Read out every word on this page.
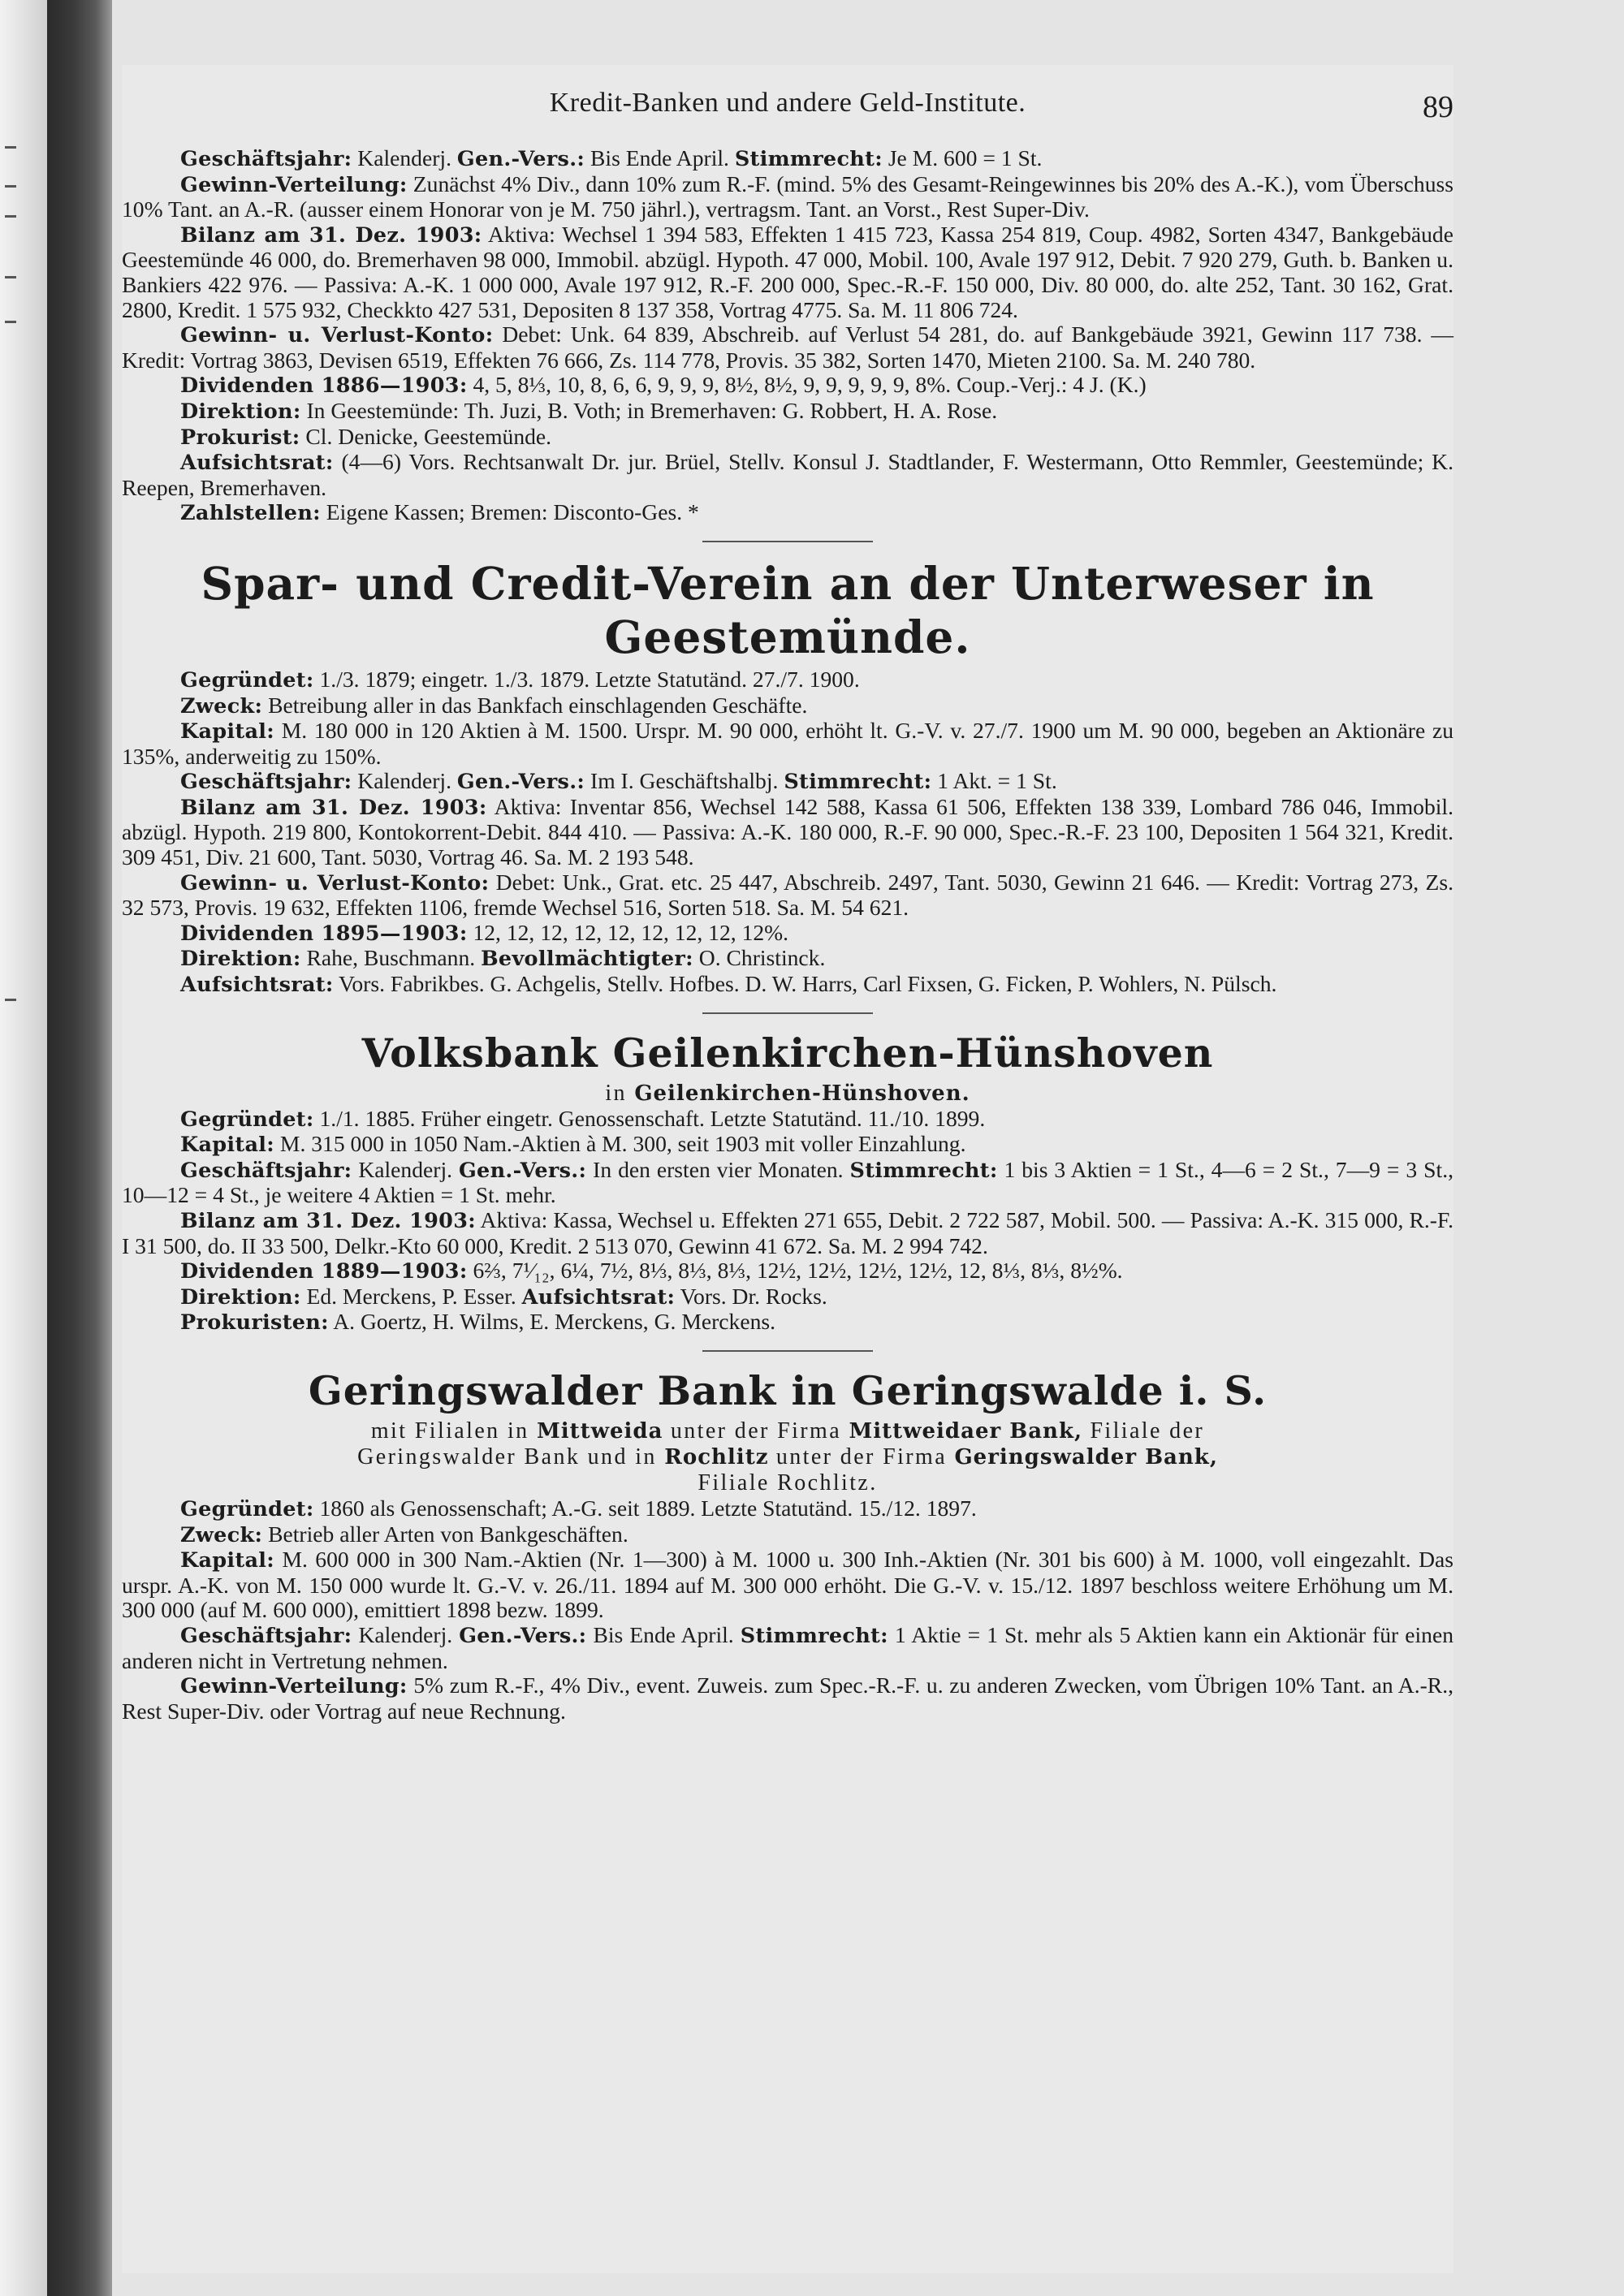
Kredit-Banken und andere Geld-Institute.	89

Geschäftsjahr: Kalenderj. Gen.-Vers.: Bis Ende April. Stimmrecht: Je M. 600 = 1 St.

Gewinn-Verteilung: Zunächst 4% Div., dann 10% zum R.-F. (mind. 5% des Gesamt-Reingewinnes bis 20% des A.-K.), vom Überschuss 10% Tant. an A.-R. (ausser einem Honorar von je M. 750 jährl.), vertragsm. Tant. an Vorst., Rest Super-Div.

Bilanz am 31. Dez. 1903: Aktiva: Wechsel 1 394 583, Effekten 1 415 723, Kassa 254 819, Coup. 4982, Sorten 4347, Bankgebäude Geestemünde 46 000, do. Bremerhaven 98 000, Immobil. abzügl. Hypoth. 47 000, Mobil. 100, Avale 197 912, Debit. 7 920 279, Guth. b. Banken u. Bankiers 422 976. — Passiva: A.-K. 1 000 000, Avale 197 912, R.-F. 200 000, Spec.-R.-F. 150 000, Div. 80 000, do. alte 252, Tant. 30 162, Grat. 2800, Kredit. 1 575 932, Checkkto 427 531, Depositen 8 137 358, Vortrag 4775. Sa. M. 11 806 724.

Gewinn- u. Verlust-Konto: Debet: Unk. 64 839, Abschreib. auf Verlust 54 281, do. auf Bankgebäude 3921, Gewinn 117 738. — Kredit: Vortrag 3863, Devisen 6519, Effekten 76 666, Zs. 114 778, Provis. 35 382, Sorten 1470, Mieten 2100. Sa. M. 240 780.

Dividenden 1886—1903: 4, 5, 8⅓, 10, 8, 6, 6, 9, 9, 9, 8½, 8½, 9, 9, 9, 9, 9, 8%. Coup.-Verj.: 4 J. (K.)

Direktion: In Geestemünde: Th. Juzi, B. Voth; in Bremerhaven: G. Robbert, H. A. Rose.

Prokurist: Cl. Denicke, Geestemünde.

Aufsichtsrat: (4—6) Vors. Rechtsanwalt Dr. jur. Brüel, Stellv. Konsul J. Stadtlander, F. Westermann, Otto Remmler, Geestemünde; K. Reepen, Bremerhaven.

Zahlstellen: Eigene Kassen; Bremen: Disconto-Ges. *

Spar- und Credit-Verein an der Unterweser in Geestemünde.

Gegründet: 1./3. 1879; eingetr. 1./3. 1879. Letzte Statutänd. 27./7. 1900.

Zweck: Betreibung aller in das Bankfach einschlagenden Geschäfte.

Kapital: M. 180 000 in 120 Aktien à M. 1500. Urspr. M. 90 000, erhöht lt. G.-V. v. 27./7. 1900 um M. 90 000, begeben an Aktionäre zu 135%, anderweitig zu 150%.

Geschäftsjahr: Kalenderj. Gen.-Vers.: Im I. Geschäftshalbj. Stimmrecht: 1 Akt. = 1 St.

Bilanz am 31. Dez. 1903: Aktiva: Inventar 856, Wechsel 142 588, Kassa 61 506, Effekten 138 339, Lombard 786 046, Immobil. abzügl. Hypoth. 219 800, Kontokorrent-Debit. 844 410. — Passiva: A.-K. 180 000, R.-F. 90 000, Spec.-R.-F. 23 100, Depositen 1 564 321, Kredit. 309 451, Div. 21 600, Tant. 5030, Vortrag 46. Sa. M. 2 193 548.

Gewinn- u. Verlust-Konto: Debet: Unk., Grat. etc. 25 447, Abschreib. 2497, Tant. 5030, Gewinn 21 646. — Kredit: Vortrag 273, Zs. 32 573, Provis. 19 632, Effekten 1106, fremde Wechsel 516, Sorten 518. Sa. M. 54 621.

Dividenden 1895—1903: 12, 12, 12, 12, 12, 12, 12, 12, 12%.

Direktion: Rahe, Buschmann. Bevollmächtigter: O. Christinck.

Aufsichtsrat: Vors. Fabrikbes. G. Achgelis, Stellv. Hofbes. D. W. Harrs, Carl Fixsen, G. Ficken, P. Wohlers, N. Pülsch.

Volksbank Geilenkirchen-Hünshoven

in Geilenkirchen-Hünshoven.

Gegründet: 1./1. 1885. Früher eingetr. Genossenschaft. Letzte Statutänd. 11./10. 1899.

Kapital: M. 315 000 in 1050 Nam.-Aktien à M. 300, seit 1903 mit voller Einzahlung.

Geschäftsjahr: Kalenderj. Gen.-Vers.: In den ersten vier Monaten. Stimmrecht: 1 bis 3 Aktien = 1 St., 4—6 = 2 St., 7—9 = 3 St., 10—12 = 4 St., je weitere 4 Aktien = 1 St. mehr.

Bilanz am 31. Dez. 1903: Aktiva: Kassa, Wechsel u. Effekten 271 655, Debit. 2 722 587, Mobil. 500. — Passiva: A.-K. 315 000, R.-F. I 31 500, do. II 33 500, Delkr.-Kto 60 000, Kredit. 2 513 070, Gewinn 41 672. Sa. M. 2 994 742.

Dividenden 1889—1903: 6⅔, 7¹⁄₁₂, 6¼, 7½, 8⅓, 8⅓, 8⅓, 12½, 12½, 12½, 12½, 12, 8⅓, 8⅓, 8½%.

Direktion: Ed. Merckens, P. Esser. Aufsichtsrat: Vors. Dr. Rocks.

Prokuristen: A. Goertz, H. Wilms, E. Merckens, G. Merckens.

Geringswalder Bank in Geringswalde i. S.

mit Filialen in Mittweida unter der Firma Mittweidaer Bank, Filiale der

Geringswalder Bank und in Rochlitz unter der Firma Geringswalder Bank,

Filiale Rochlitz.

Gegründet: 1860 als Genossenschaft; A.-G. seit 1889. Letzte Statutänd. 15./12. 1897.

Zweck: Betrieb aller Arten von Bankgeschäften.

Kapital: M. 600 000 in 300 Nam.-Aktien (Nr. 1—300) à M. 1000 u. 300 Inh.-Aktien (Nr. 301 bis 600) à M. 1000, voll eingezahlt. Das urspr. A.-K. von M. 150 000 wurde lt. G.-V. v. 26./11. 1894 auf M. 300 000 erhöht. Die G.-V. v. 15./12. 1897 beschloss weitere Erhöhung um M. 300 000 (auf M. 600 000), emittiert 1898 bezw. 1899.

Geschäftsjahr: Kalenderj. Gen.-Vers.: Bis Ende April. Stimmrecht: 1 Aktie = 1 St. mehr als 5 Aktien kann ein Aktionär für einen anderen nicht in Vertretung nehmen.

Gewinn-Verteilung: 5% zum R.-F., 4% Div., event. Zuweis. zum Spec.-R.-F. u. zu anderen Zwecken, vom Übrigen 10% Tant. an A.-R., Rest Super-Div. oder Vortrag auf neue Rechnung.
